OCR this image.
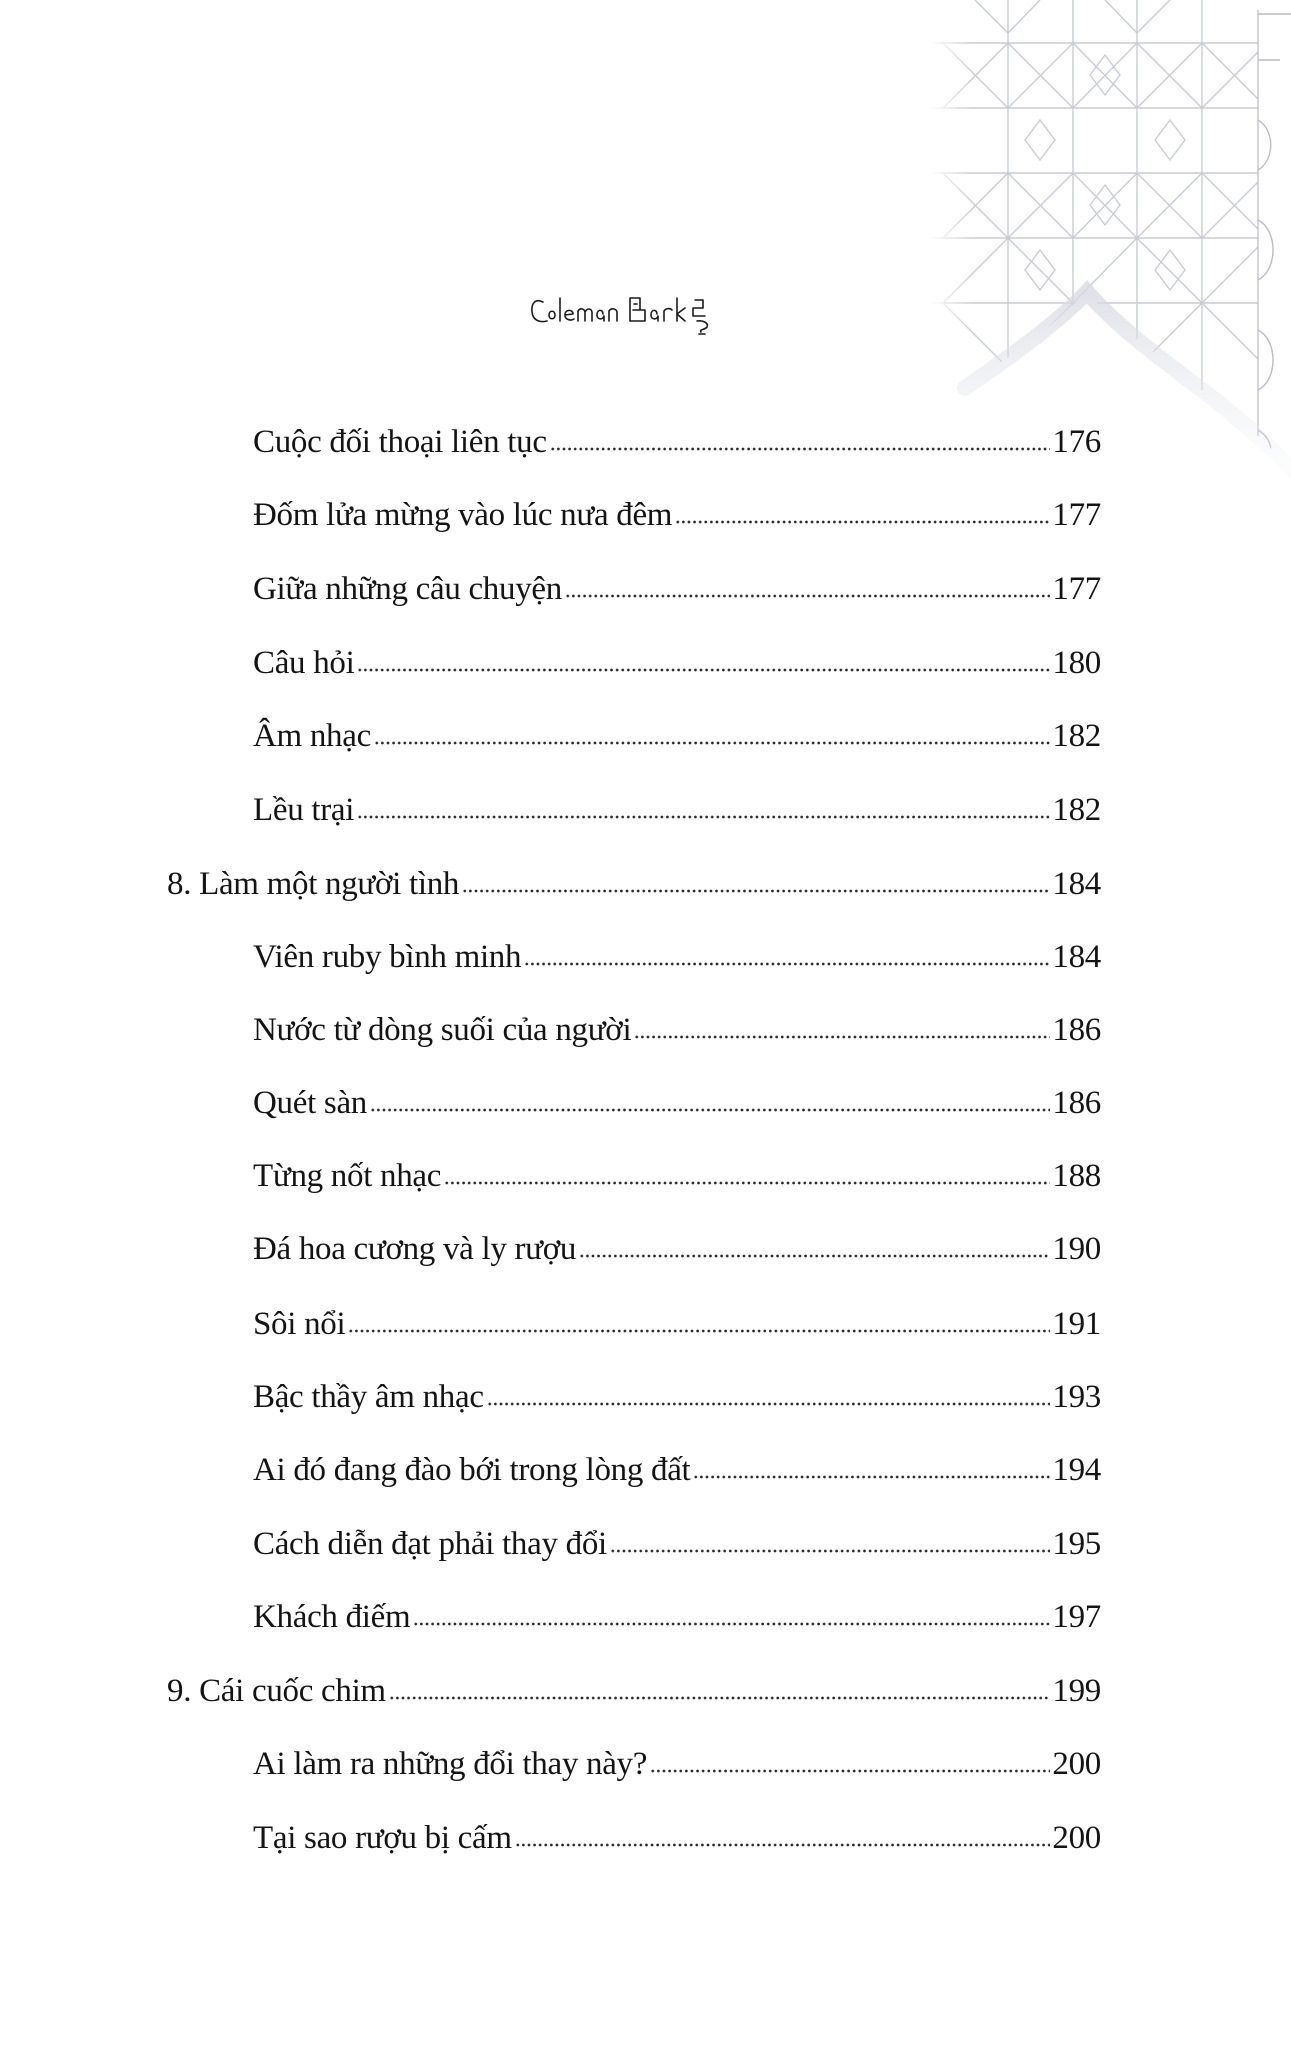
Cuộc đối thoại liên tục	176
Đốm lửa mừng vào lúc nưa đêm	177
Giữa những câu chuyện	177
Câu hỏi	180
Âm nhạc	182
Lều trại	182
8. Làm một người tình	184
Viên ruby bình minh	184
Nước từ dòng suối của người	186
Quét sàn	186
Từng nốt nhạc	188
Đá hoa cương và ly rượu	190
Sôi nổi	191
Bậc thầy âm nhạc	193
Ai đó đang đào bới trong lòng đất	194
Cách diễn đạt phải thay đổi	195
Khách điếm	197
9. Cái cuốc chim	199
Ai làm ra những đổi thay này?	200
Tại sao rượu bị cấm	200
